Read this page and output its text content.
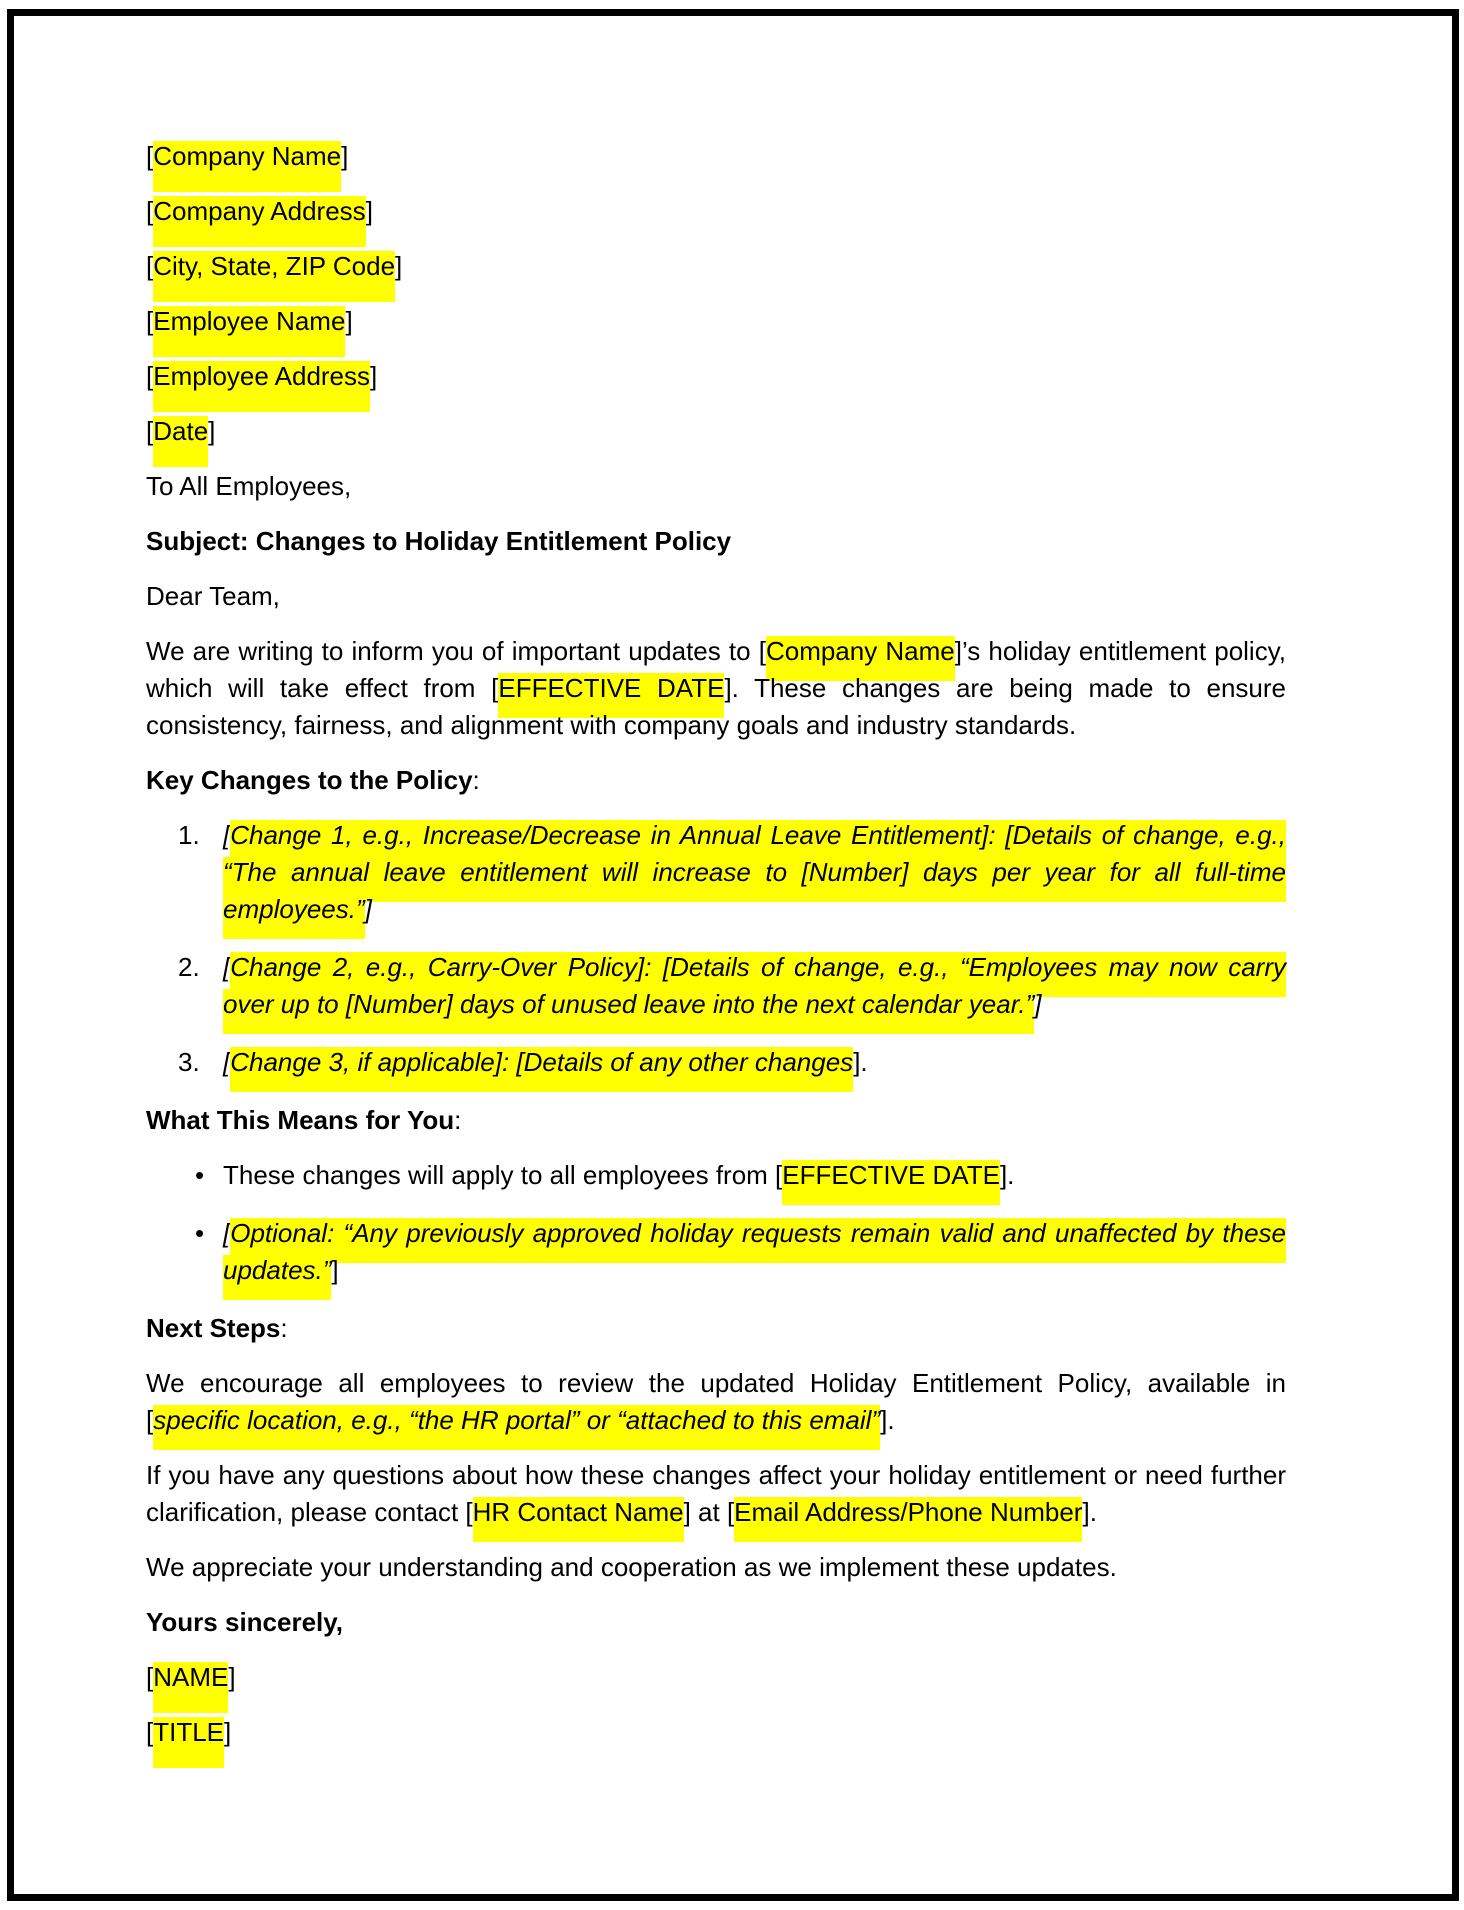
[Company Name]

[Company Address]

[City, State, ZIP Code]

[Employee Name]

[Employee Address]

[Date]

To All Employees,

Subject: Changes to Holiday Entitlement Policy

Dear Team,

We are writing to inform you of important updates to [Company Name]’s holiday entitlement policy, which will take effect from [EFFECTIVE DATE]. These changes are being made to ensure consistency, fairness, and alignment with company goals and industry standards.

Key Changes to the Policy:

1. [Change 1, e.g., Increase/Decrease in Annual Leave Entitlement]: [Details of change, e.g., “The annual leave entitlement will increase to [Number] days per year for all full-time employees.”]
2. [Change 2, e.g., Carry-Over Policy]: [Details of change, e.g., “Employees may now carry over up to [Number] days of unused leave into the next calendar year.”]
3. [Change 3, if applicable]: [Details of any other changes].

What This Means for You:

• These changes will apply to all employees from [EFFECTIVE DATE].
• [Optional: “Any previously approved holiday requests remain valid and unaffected by these updates.”]

Next Steps:

We encourage all employees to review the updated Holiday Entitlement Policy, available in [specific location, e.g., “the HR portal” or “attached to this email”].

If you have any questions about how these changes affect your holiday entitlement or need further clarification, please contact [HR Contact Name] at [Email Address/Phone Number].

We appreciate your understanding and cooperation as we implement these updates.

Yours sincerely,

[NAME]

[TITLE]
